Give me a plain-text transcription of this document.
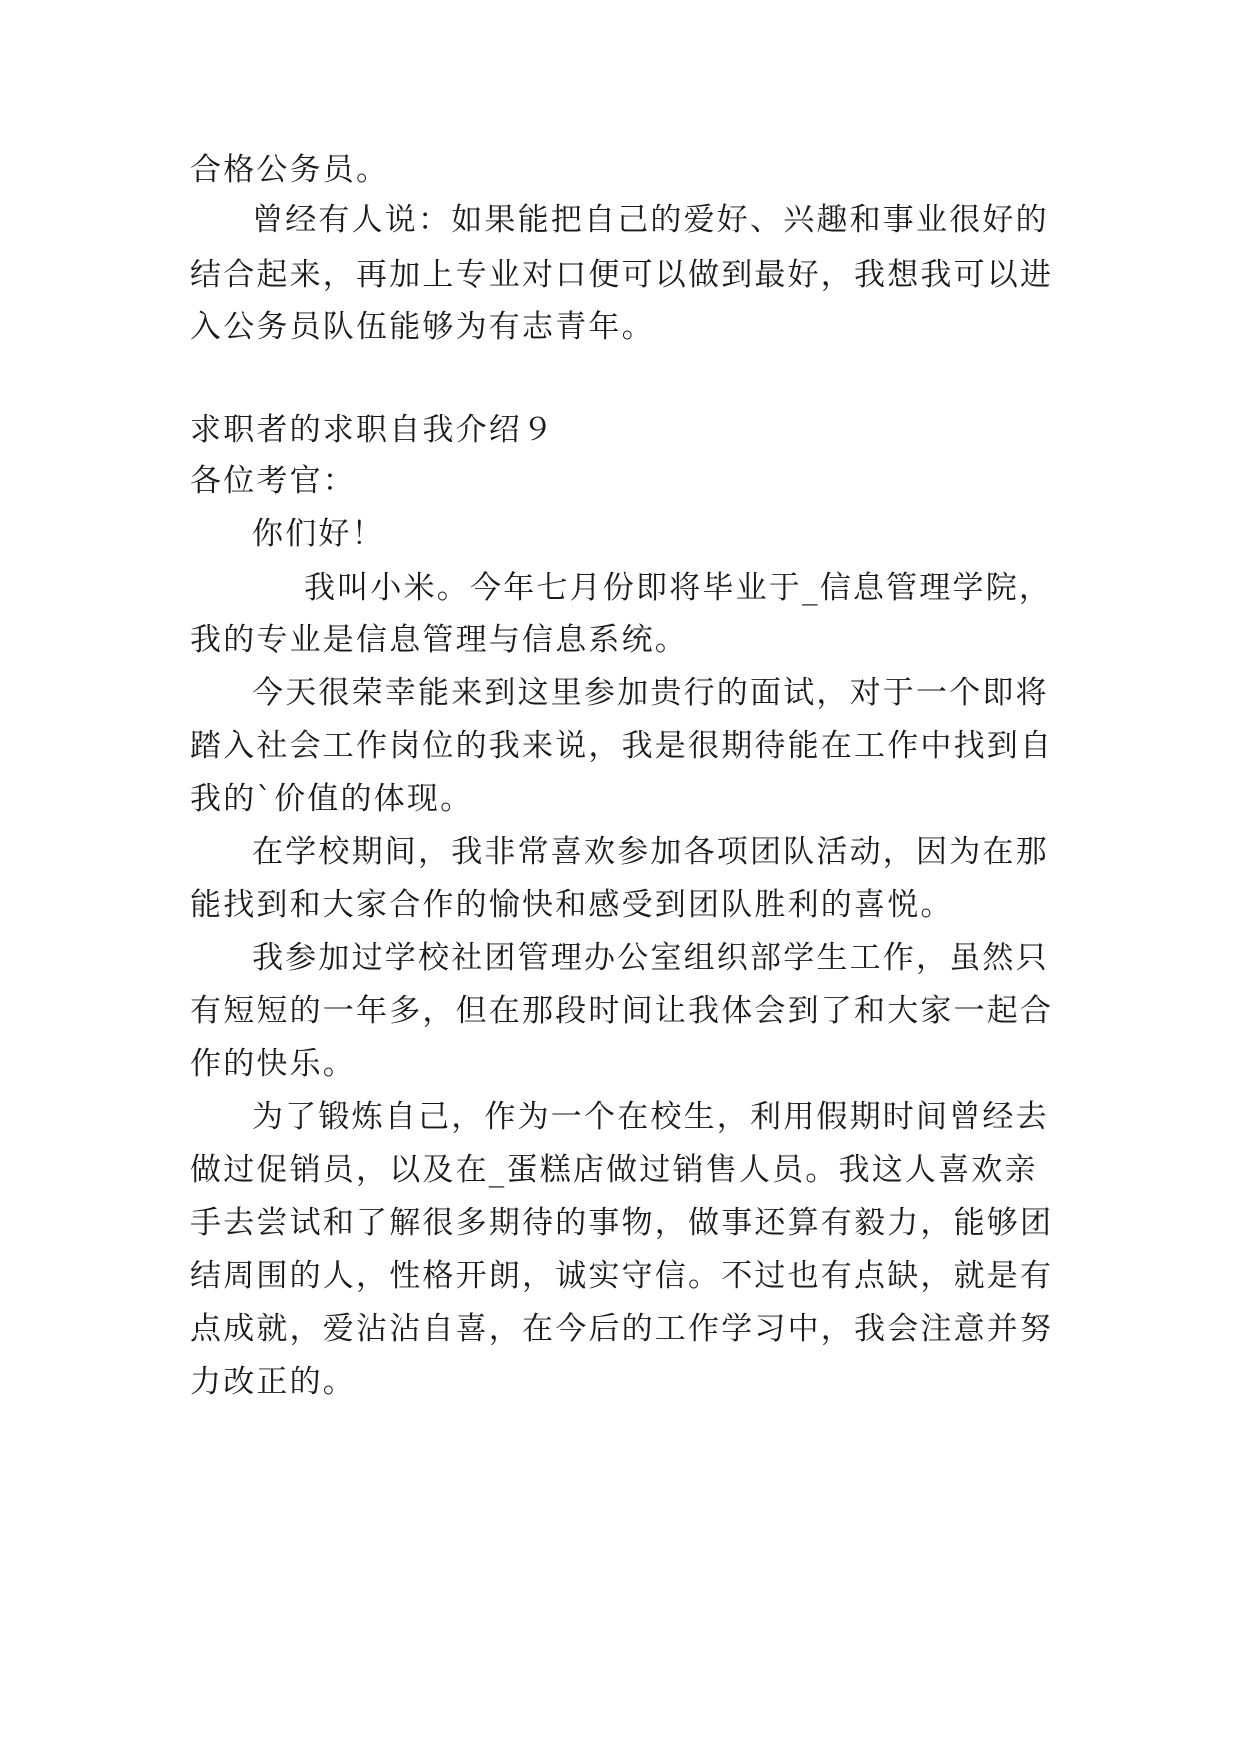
合格公务员。
曾经有人说：如果能把自己的爱好、兴趣和事业很好的
结合起来，再加上专业对口便可以做到最好，我想我可以进
入公务员队伍能够为有志青年。
求职者的求职自我介绍９
各位考官：
你们好！
我叫小米。今年七月份即将毕业于_信息管理学院，
我的专业是信息管理与信息系统。
今天很荣幸能来到这里参加贵行的面试，对于一个即将
踏入社会工作岗位的我来说，我是很期待能在工作中找到自
我的`价值的体现。
在学校期间，我非常喜欢参加各项团队活动，因为在那
能找到和大家合作的愉快和感受到团队胜利的喜悦。
我参加过学校社团管理办公室组织部学生工作，虽然只
有短短的一年多，但在那段时间让我体会到了和大家一起合
作的快乐。
为了锻炼自己，作为一个在校生，利用假期时间曾经去
做过促销员，以及在_蛋糕店做过销售人员。我这人喜欢亲
手去尝试和了解很多期待的事物，做事还算有毅力，能够团
结周围的人，性格开朗，诚实守信。不过也有点缺，就是有
点成就，爱沾沾自喜，在今后的工作学习中，我会注意并努
力改正的。
